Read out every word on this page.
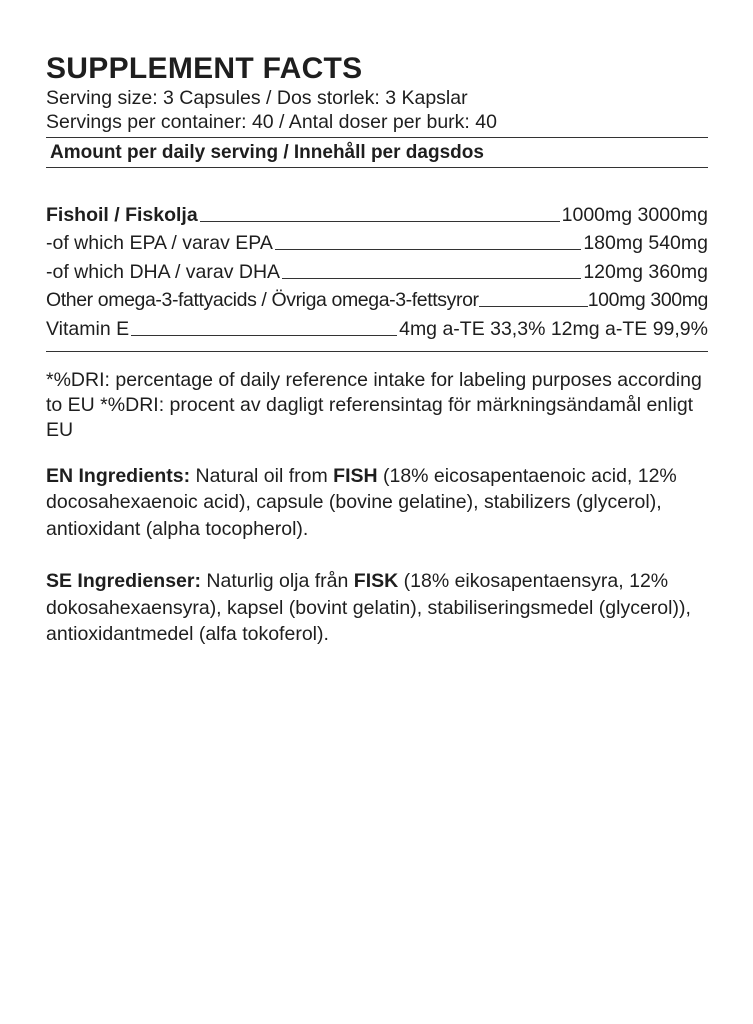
SUPPLEMENT FACTS
Serving size: 3 Capsules / Dos storlek: 3 Kapslar
Servings per container: 40 / Antal doser per burk: 40
Amount per daily serving / Innehåll per dagsdos
Fishoil / Fiskolja	1000mg 3000mg
-of which EPA / varav EPA	180mg 540mg
-of which DHA / varav DHA	120mg 360mg
Other omega-3-fattyacids / Övriga omega-3-fettsyror	100mg 300mg
Vitamin E	4mg a-TE 33,3% 12mg a-TE 99,9%
*%DRI: percentage of daily reference intake for labeling purposes according to EU *%DRI: procent av dagligt referensintag för märkningsändamål enligt EU
EN Ingredients: Natural oil from FISH (18% eicosapentaenoic acid, 12% docosahexaenoic acid), capsule (bovine gelatine), stabilizers (glycerol), antioxidant (alpha tocopherol).
SE Ingredienser: Naturlig olja från FISK (18% eikosapentaensyra, 12% dokosahexaensyra), kapsel (bovint gelatin), stabiliseringsmedel (glycerol)), antioxidantmedel (alfa tokoferol).
